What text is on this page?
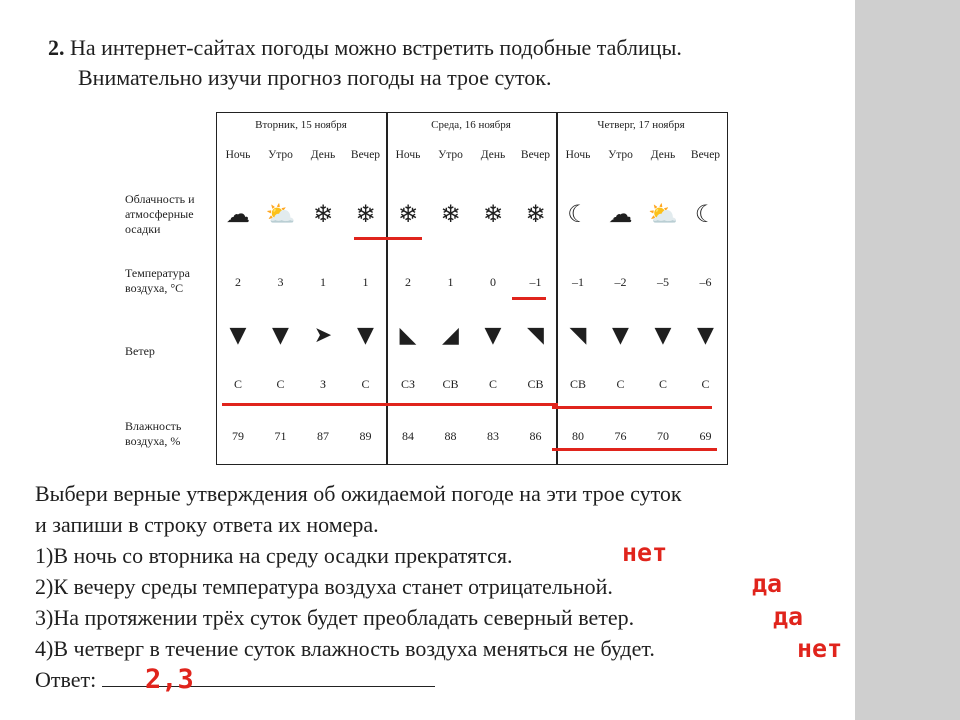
2. На интернет-сайтах погоды можно встретить подобные таблицы.
Внимательно изучи прогноз погоды на трое суток.
Облачность и
атмосферные
осадки
Температура
воздуха, °С
Ветер
Влажность
воздуха, %
Вторник, 15 ноября	Среда, 16 ноября	Четверг, 17 ноября
Ночь
☁
2
▼
С
79
Утро
⛅
3
▼
С
71
День
❄
1
➤
З
87
Вечер
❄
1
▼
С
89
Ночь
❄
2
◣
СЗ
84
Утро
❄
1
◢
СВ
88
День
❄
0
▼
С
83
Вечер
❄
–1
◥
СВ
86
Ночь
☾
–1
◥
СВ
80
Утро
☁
–2
▼
С
76
День
⛅
–5
▼
С
70
Вечер
☾
–6
▼
С
69
Выбери верные утверждения об ожидаемой погоде на эти трое суток
и запиши в строку ответа их номера.
1)В ночь со вторника на среду осадки прекратятся.
2)К вечеру среды температура воздуха станет отрицательной.
3)На протяжении трёх суток будет преобладать северный ветер.
4)В четверг в течение суток влажность воздуха меняться не будет.
Ответ:
нет
да
да
нет
2,3
